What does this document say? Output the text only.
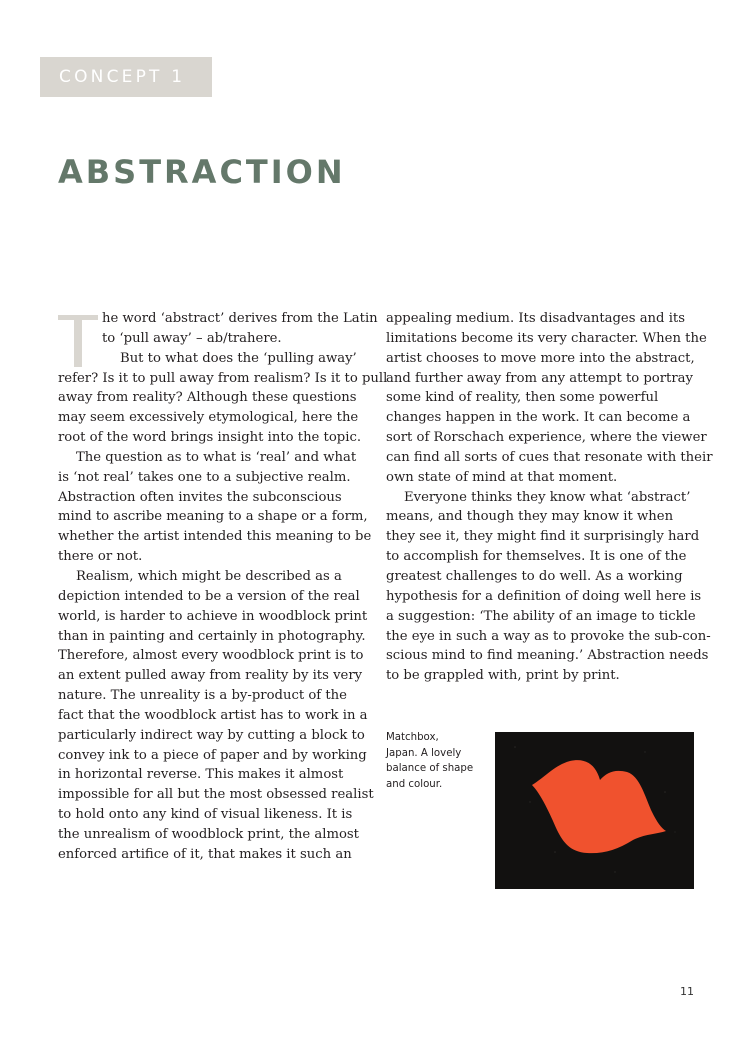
CONCEPT 1
ABSTRACTION
he word ‘abstract’ derives from the Latin
to ‘pull away’ – ab/trahere.
But to what does the ‘pulling away’
refer? Is it to pull away from realism? Is it to pull
away from reality? Although these questions
may seem excessively etymological, here the
root of the word brings insight into the topic.
The question as to what is ‘real’ and what
is ‘not real’ takes one to a subjective realm.
Abstraction often invites the subconscious
mind to ascribe meaning to a shape or a form,
whether the artist intended this meaning to be
there or not.
Realism, which might be described as a
depiction intended to be a version of the real
world, is harder to achieve in woodblock print
than in painting and certainly in photography.
Therefore, almost every woodblock print is to
an extent pulled away from reality by its very
nature. The unreality is a by-product of the
fact that the woodblock artist has to work in a
particularly indirect way by cutting a block to
convey ink to a piece of paper and by working
in horizontal reverse. This makes it almost
impossible for all but the most obsessed realist
to hold onto any kind of visual likeness. It is
the unrealism of woodblock print, the almost
enforced artifice of it, that makes it such an
appealing medium. Its disadvantages and its
limitations become its very character. When the
artist chooses to move more into the abstract,
and further away from any attempt to portray
some kind of reality, then some powerful
changes happen in the work. It can become a
sort of Rorschach experience, where the viewer
can find all sorts of cues that resonate with their
own state of mind at that moment.
Everyone thinks they know what ‘abstract’
means, and though they may know it when
they see it, they might find it surprisingly hard
to accomplish for themselves. It is one of the
greatest challenges to do well. As a working
hypothesis for a definition of doing well here is
a suggestion: ‘The ability of an image to tickle
the eye in such a way as to provoke the sub-con-
scious mind to find meaning.’ Abstraction needs
to be grappled with, print by print.
Matchbox,
Japan. A lovely
balance of shape
and colour.
11
